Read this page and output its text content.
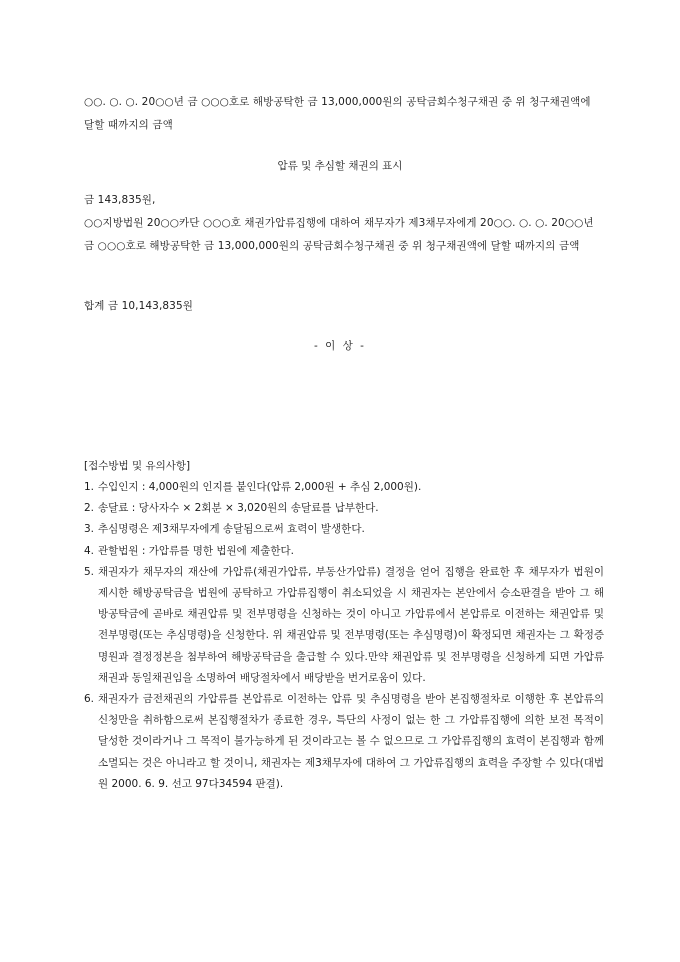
○○. ○. ○. 20○○년 금 ○○○호로 해방공탁한 금 13,000,000원의 공탁금회수청구채권 중 위 청구채권액에 달할 때까지의 금액

압류 및 추심할 채권의 표시

금 143,835원,

○○지방법원 20○○카단 ○○○호 채권가압류집행에 대하여 채무자가 제3채무자에게 20○○. ○. ○. 20○○년 금 ○○○호로 해방공탁한 금 13,000,000원의 공탁금회수청구채권 중 위 청구채권액에 달할 때까지의 금액

합계 금 10,143,835원

- 이 상 -

[접수방법 및 유의사항]

1. 수입인지 : 4,000원의 인지를 붙인다(압류 2,000원 + 추심 2,000원).
2. 송달료 : 당사자수 × 2회분 × 3,020원의 송달료를 납부한다.
3. 추심명령은 제3채무자에게 송달됨으로써 효력이 발생한다.
4. 관할법원 : 가압류를 명한 법원에 제출한다.
5. 채권자가 채무자의 재산에 가압류(채권가압류, 부동산가압류) 결정을 얻어 집행을 완료한 후 채무자가 법원이 제시한 해방공탁금을 법원에 공탁하고 가압류집행이 취소되었을 시 채권자는 본안에서 승소판결을 받아 그 해방공탁금에 곧바로 채권압류 및 전부명령을 신청하는 것이 아니고 가압류에서 본압류로 이전하는 채권압류 및 전부명령(또는 추심명령)을 신청한다. 위 채권압류 및 전부명령(또는 추심명령)이 확정되면 채권자는 그 확정증명원과 결정정본을 첨부하여 해방공탁금을 출급할 수 있다.만약 채권압류 및 전부명령을 신청하게 되면 가압류채권과 동일채권임을 소명하여 배당절차에서 배당받을 번거로움이 있다.
6. 채권자가 금전채권의 가압류를 본압류로 이전하는 압류 및 추심명령을 받아 본집행절차로 이행한 후 본압류의 신청만을 취하함으로써 본집행절차가 종료한 경우, 특단의 사정이 없는 한 그 가압류집행에 의한 보전 목적이 달성한 것이라거나 그 목적이 불가능하게 된 것이라고는 볼 수 없으므로 그 가압류집행의 효력이 본집행과 함께 소멸되는 것은 아니라고 할 것이니, 채권자는 제3채무자에 대하여 그 가압류집행의 효력을 주장할 수 있다(대법원 2000. 6. 9. 선고 97다34594 판결).
